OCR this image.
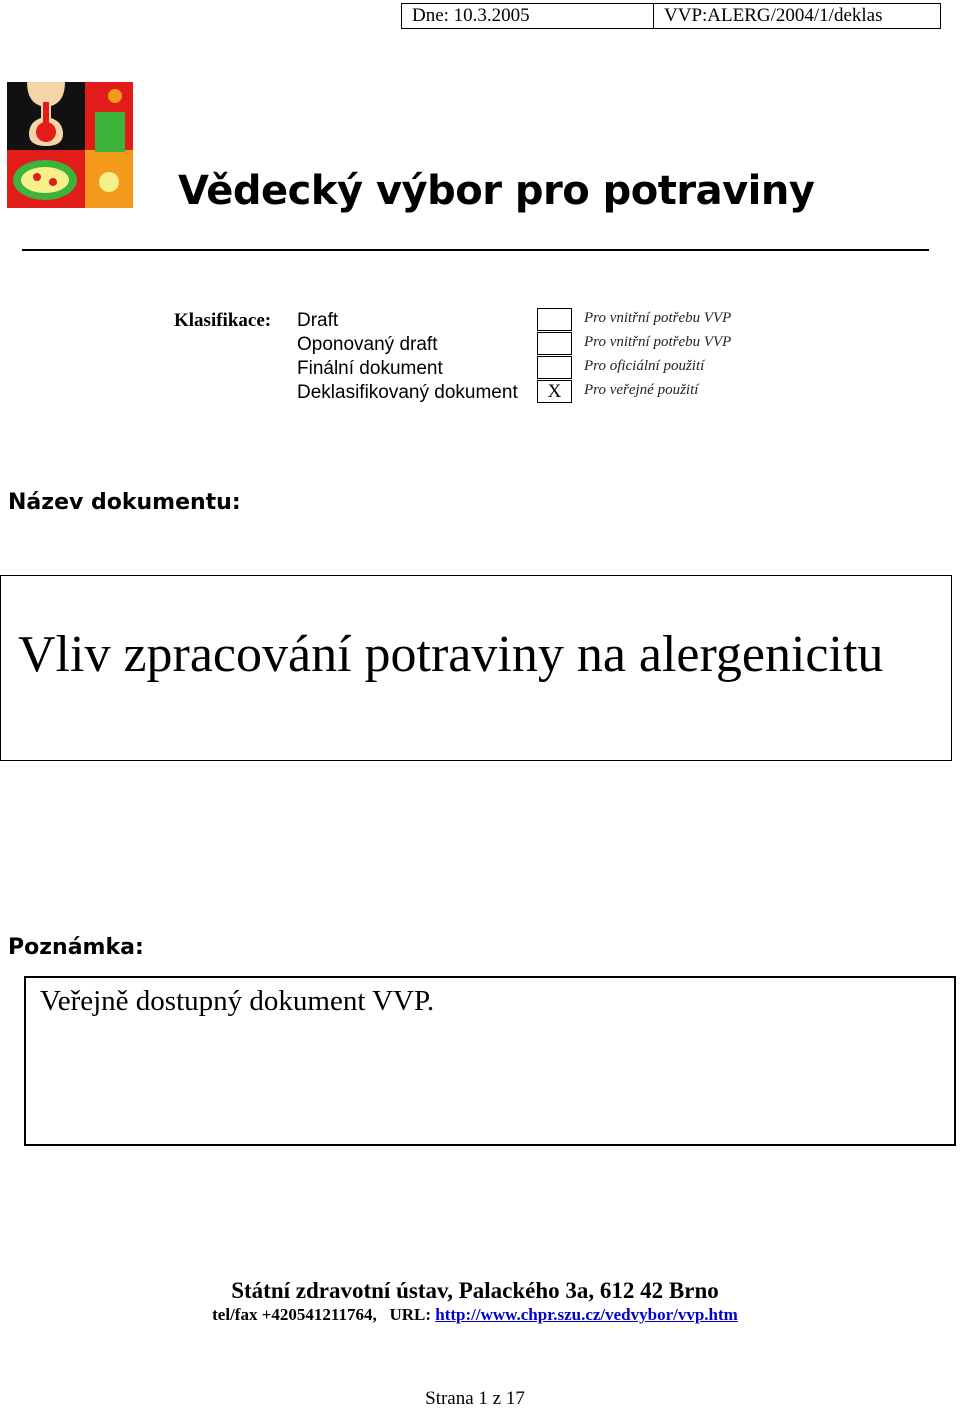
Dne: 10.3.2005	VVP:ALERG/2004/1/deklas
Vědecký výbor pro potraviny
Klasifikace: Draft
Oponovaný draft
Finální dokument
Deklasifikovaný dokument	X
Pro vnitřní potřebu VVP
Pro vnitřní potřebu VVP
Pro oficiální použití
Pro veřejné použití
Název dokumentu:
Vliv zpracování potraviny na alergenicitu
Poznámka:
Veřejně dostupný dokument VVP.
Státní zdravotní ústav, Palackého 3a, 612 42 Brno
tel/fax +420541211764, URL: http://www.chpr.szu.cz/vedvybor/vvp.htm
Strana 1 z 17
